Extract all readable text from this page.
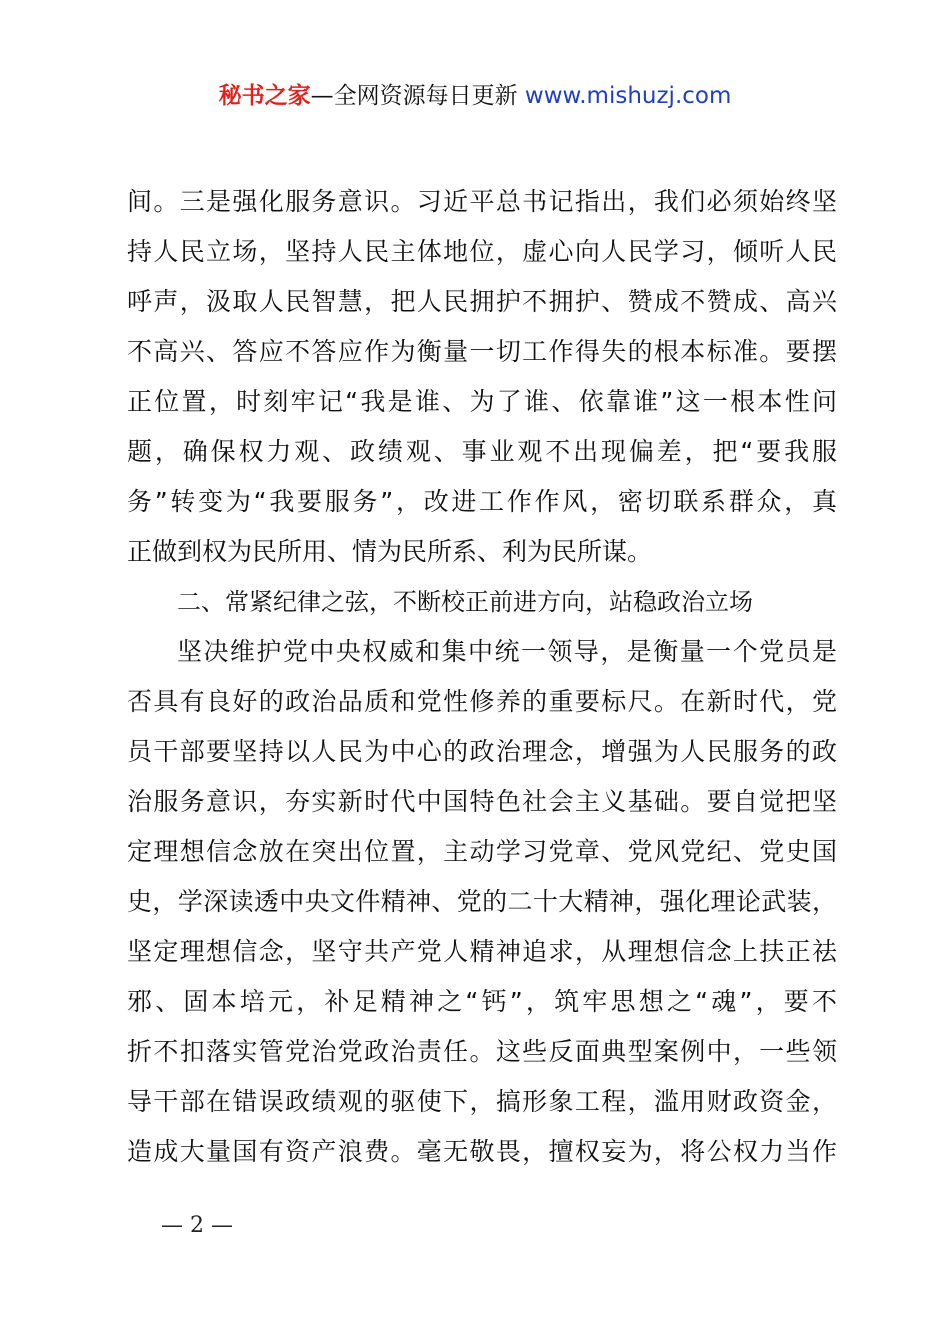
秘书之家—全网资源每日更新 www.mishuzj.com
间。三是强化服务意识。习近平总书记指出，我们必须始终坚
持人民立场，坚持人民主体地位，虚心向人民学习，倾听人民
呼声，汲取人民智慧，把人民拥护不拥护、赞成不赞成、高兴
不高兴、答应不答应作为衡量一切工作得失的根本标准。要摆
正位置，时刻牢记“我是谁、为了谁、依靠谁”这一根本性问
题，确保权力观、政绩观、事业观不出现偏差，把“要我服
务”转变为“我要服务”，改进工作作风，密切联系群众，真
正做到权为民所用、情为民所系、利为民所谋。
二、常紧纪律之弦，不断校正前进方向，站稳政治立场
坚决维护党中央权威和集中统一领导，是衡量一个党员是
否具有良好的政治品质和党性修养的重要标尺。在新时代，党
员干部要坚持以人民为中心的政治理念，增强为人民服务的政
治服务意识，夯实新时代中国特色社会主义基础。要自觉把坚
定理想信念放在突出位置，主动学习党章、党风党纪、党史国
史，学深读透中央文件精神、党的二十大精神，强化理论武装，
坚定理想信念，坚守共产党人精神追求，从理想信念上扶正祛
邪、固本培元，补足精神之“钙”，筑牢思想之“魂”，要不
折不扣落实管党治党政治责任。这些反面典型案例中，一些领
导干部在错误政绩观的驱使下，搞形象工程，滥用财政资金，
造成大量国有资产浪费。毫无敬畏，擅权妄为，将公权力当作
— 2 —
